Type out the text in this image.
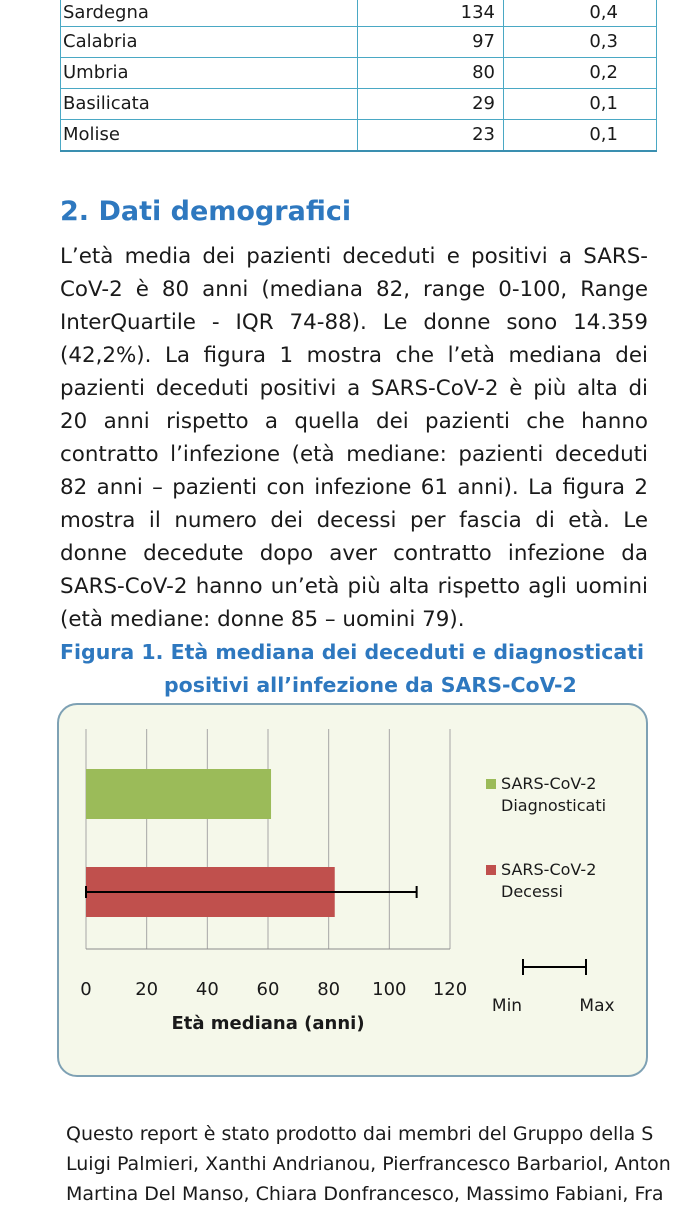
Sardegna	134	0,4
Calabria	97	0,3
Umbria	80	0,2
Basilicata	29	0,1
Molise	23	0,1
2. Dati demografici

L’età media dei pazienti deceduti e positivi a SARS-CoV-2 è 80 anni (mediana 82, range 0-100, Range InterQuartile - IQR 74-88). Le donne sono 14.359 (42,2%). La figura 1 mostra che l’età mediana dei pazienti deceduti positivi a SARS-CoV-2 è più alta di 20 anni rispetto a quella dei pazienti che hanno contratto l’infezione (età mediane: pazienti deceduti 82 anni – pazienti con infezione 61 anni). La figura 2 mostra il numero dei decessi per fascia di età. Le donne decedute dopo aver contratto infezione da SARS-CoV-2 hanno un’età più alta rispetto agli uomini (età mediane: donne 85 – uomini 79).

Figura 1. Età mediana dei deceduti e diagnosticati
positivi all’infezione da SARS-CoV-2
0 20 40 60 80 100 120
Età mediana (anni)
SARS-CoV-2
Diagnosticati
SARS-CoV-2
Decessi
Min	Max
Questo report è stato prodotto dai membri del Gruppo della S
Luigi Palmieri, Xanthi Andrianou, Pierfrancesco Barbariol, Anton
Martina Del Manso, Chiara Donfrancesco, Massimo Fabiani, Fra
